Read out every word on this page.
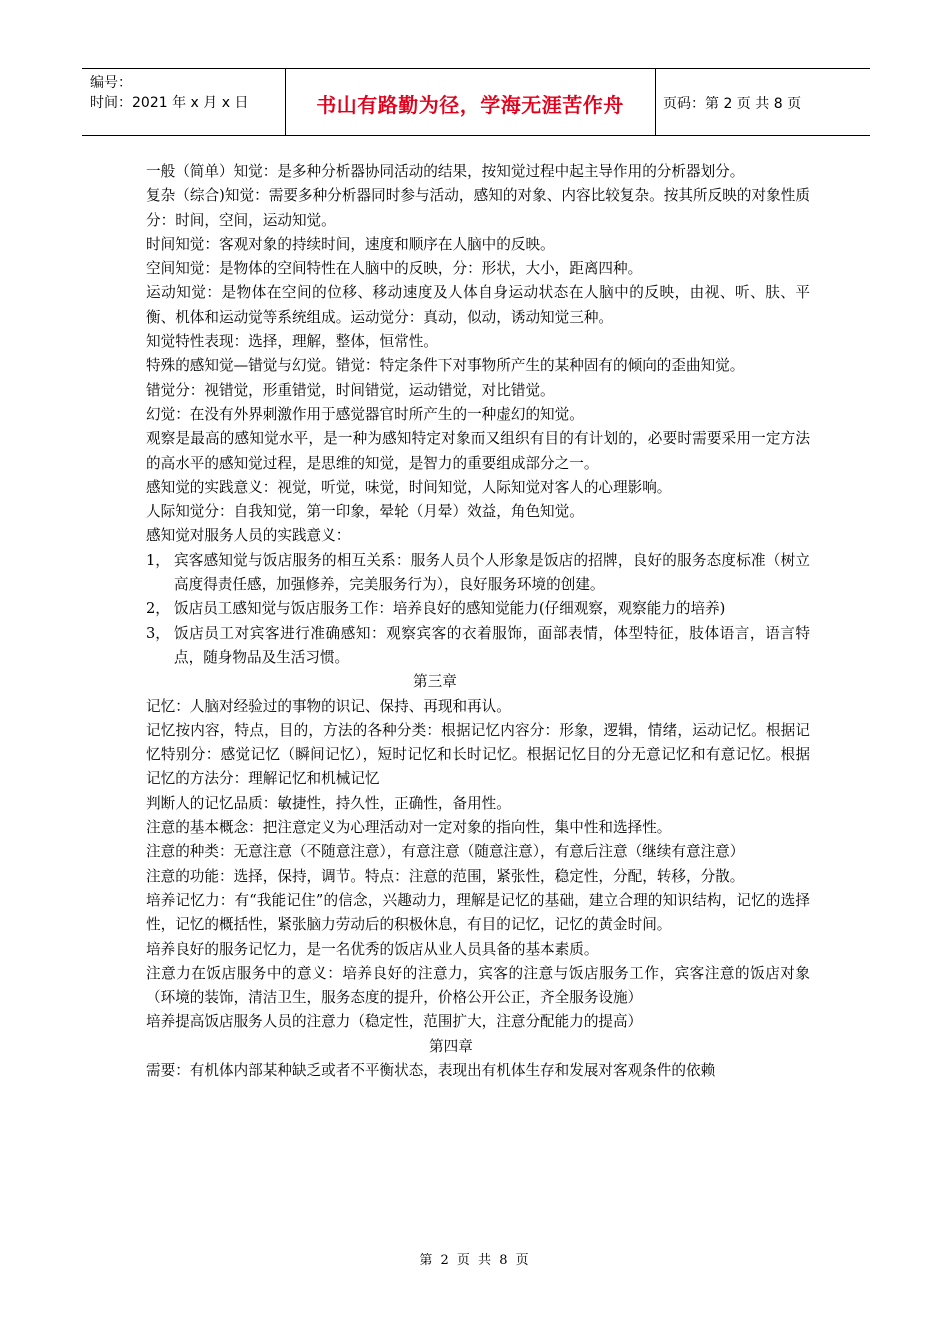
编号：
时间：2021 年 x 月 x 日	书山有路勤为径，学海无涯苦作舟	页码：第 2 页 共 8 页

一般（简单）知觉：是多种分析器协同活动的结果，按知觉过程中起主导作用的分析器划分。

复杂（综合)知觉：需要多种分析器同时参与活动，感知的对象、内容比较复杂。按其所反映的对象性质分：时间，空间，运动知觉。

时间知觉：客观对象的持续时间，速度和顺序在人脑中的反映。

空间知觉：是物体的空间特性在人脑中的反映，分：形状，大小，距离四种。

运动知觉：是物体在空间的位移、移动速度及人体自身运动状态在人脑中的反映，由视、听、肤、平衡、机体和运动觉等系统组成。运动觉分：真动，似动，诱动知觉三种。

知觉特性表现：选择，理解，整体，恒常性。

特殊的感知觉—错觉与幻觉。错觉：特定条件下对事物所产生的某种固有的倾向的歪曲知觉。

错觉分：视错觉，形重错觉，时间错觉，运动错觉，对比错觉。

幻觉：在没有外界刺激作用于感觉器官时所产生的一种虚幻的知觉。

观察是最高的感知觉水平，是一种为感知特定对象而又组织有目的有计划的，必要时需要采用一定方法的高水平的感知觉过程，是思维的知觉，是智力的重要组成部分之一。

感知觉的实践意义：视觉，听觉，味觉，时间知觉，人际知觉对客人的心理影响。

人际知觉分：自我知觉，第一印象，晕轮（月晕）效益，角色知觉。

感知觉对服务人员的实践意义：

1， 宾客感知觉与饭店服务的相互关系：服务人员个人形象是饭店的招牌，良好的服务态度标准（树立高度得责任感，加强修养，完美服务行为），良好服务环境的创建。

2， 饭店员工感知觉与饭店服务工作：培养良好的感知觉能力(仔细观察，观察能力的培养)

3， 饭店员工对宾客进行准确感知：观察宾客的衣着服饰，面部表情，体型特征，肢体语言，语言特点，随身物品及生活习惯。

第三章

记忆：人脑对经验过的事物的识记、保持、再现和再认。

记忆按内容，特点，目的，方法的各种分类：根据记忆内容分：形象，逻辑，情绪，运动记忆。根据记忆特别分：感觉记忆（瞬间记忆），短时记忆和长时记忆。根据记忆目的分无意记忆和有意记忆。根据记忆的方法分：理解记忆和机械记忆

判断人的记忆品质：敏捷性，持久性，正确性，备用性。

注意的基本概念：把注意定义为心理活动对一定对象的指向性，集中性和选择性。

注意的种类：无意注意（不随意注意），有意注意（随意注意），有意后注意（继续有意注意）

注意的功能：选择，保持，调节。特点：注意的范围，紧张性，稳定性，分配，转移，分散。

培养记忆力：有“我能记住”的信念，兴趣动力，理解是记忆的基础，建立合理的知识结构，记忆的选择性，记忆的概括性，紧张脑力劳动后的积极休息，有目的记忆，记忆的黄金时间。

培养良好的服务记忆力，是一名优秀的饭店从业人员具备的基本素质。

注意力在饭店服务中的意义：培养良好的注意力，宾客的注意与饭店服务工作，宾客注意的饭店对象（环境的装饰，清洁卫生，服务态度的提升，价格公开公正，齐全服务设施）

培养提高饭店服务人员的注意力（稳定性，范围扩大，注意分配能力的提高）

第四章

需要：有机体内部某种缺乏或者不平衡状态，表现出有机体生存和发展对客观条件的依赖

第 2 页 共 8 页
